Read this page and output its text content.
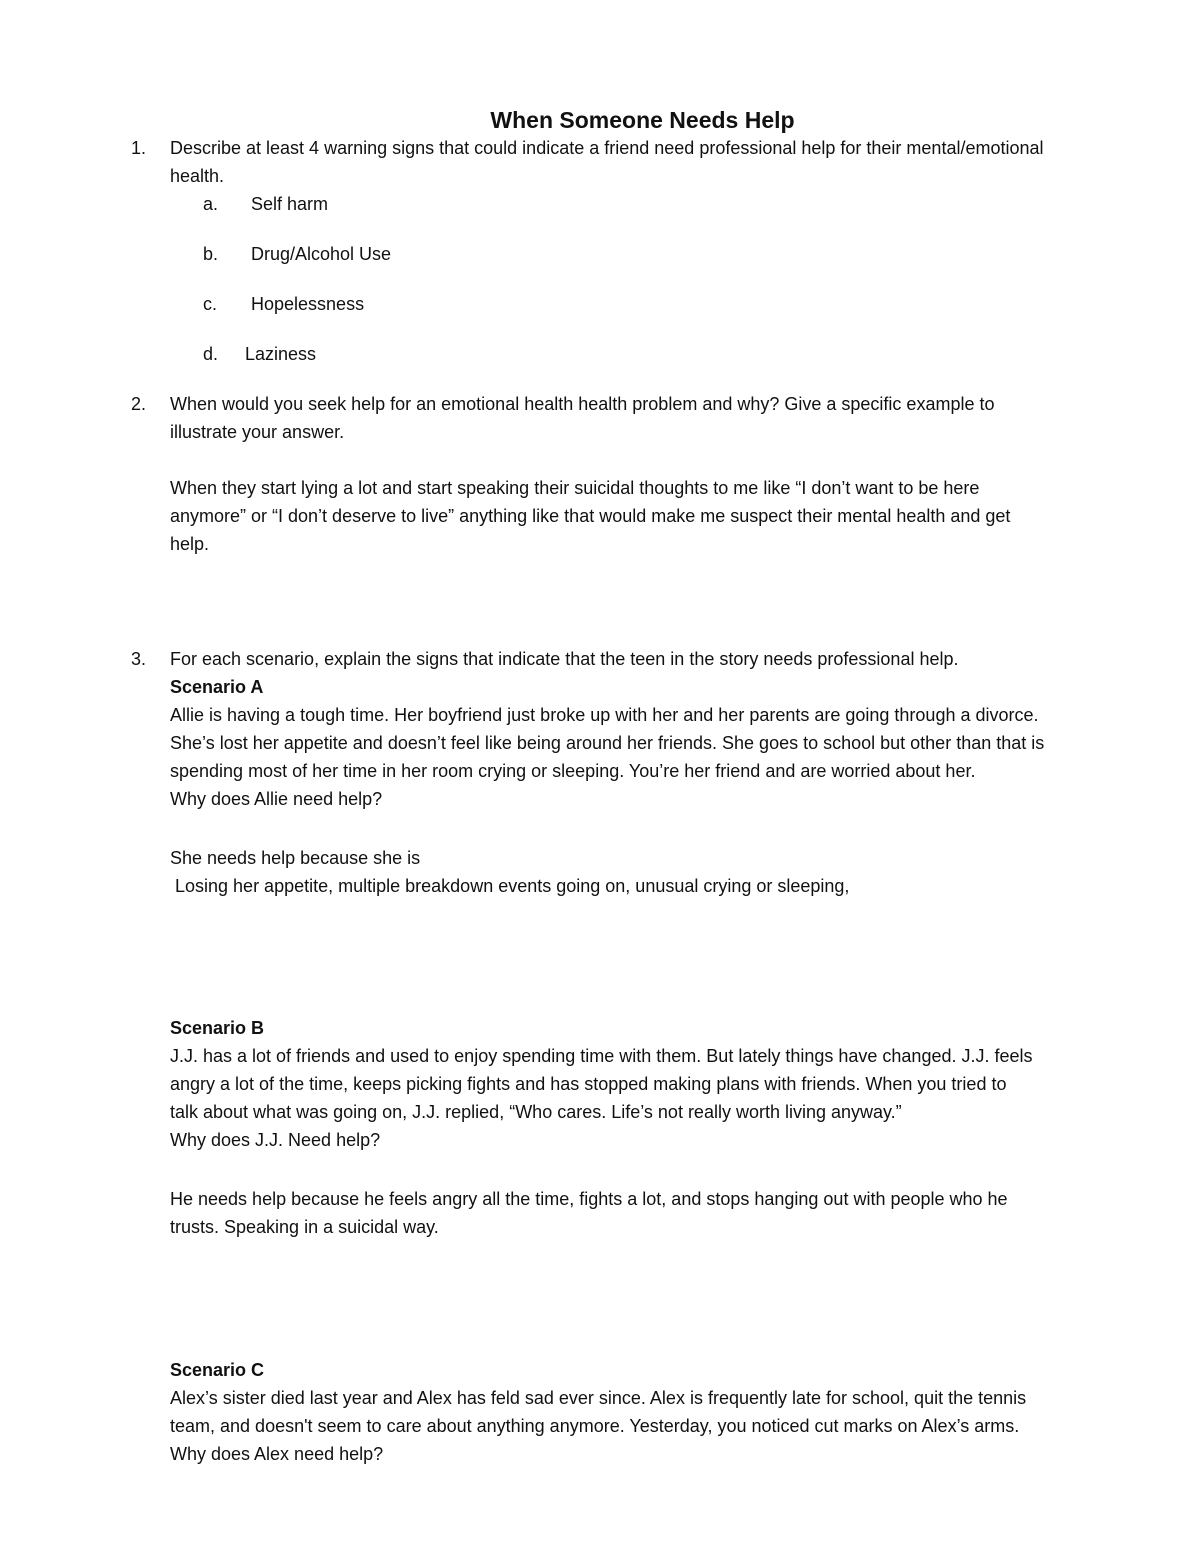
When Someone Needs Help
1.	Describe at least 4 warning signs that could indicate a friend need professional help for their mental/emotional
health.
a.	Self harm
b.	Drug/Alcohol Use
c.	Hopelessness
d.	Laziness
2.	When would you seek help for an emotional health health problem and why? Give a specific example to
illustrate your answer.
When they start lying a lot and start speaking their suicidal thoughts to me like “I don’t want to be here
anymore” or “I don’t deserve to live” anything like that would make me suspect their mental health and get
help.
3.	For each scenario, explain the signs that indicate that the teen in the story needs professional help.
Scenario A
Allie is having a tough time. Her boyfriend just broke up with her and her parents are going through a divorce.
She’s lost her appetite and doesn’t feel like being around her friends. She goes to school but other than that is
spending most of her time in her room crying or sleeping. You’re her friend and are worried about her.
Why does Allie need help?
She needs help because she is
Losing her appetite, multiple breakdown events going on, unusual crying or sleeping,
Scenario B
J.J. has a lot of friends and used to enjoy spending time with them. But lately things have changed. J.J. feels
angry a lot of the time, keeps picking fights and has stopped making plans with friends. When you tried to
talk about what was going on, J.J. replied, “Who cares. Life’s not really worth living anyway.”
Why does J.J. Need help?
He needs help because he feels angry all the time, fights a lot, and stops hanging out with people who he
trusts. Speaking in a suicidal way.
Scenario C
Alex’s sister died last year and Alex has feld sad ever since. Alex is frequently late for school, quit the tennis
team, and doesn't seem to care about anything anymore. Yesterday, you noticed cut marks on Alex’s arms.
Why does Alex need help?
